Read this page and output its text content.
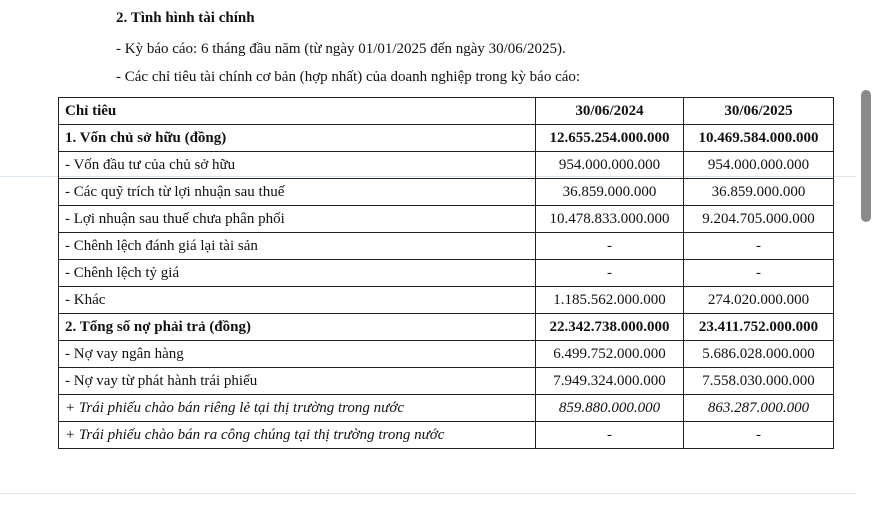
2. Tình hình tài chính
- Kỳ báo cáo: 6 tháng đầu năm (từ ngày 01/01/2025 đến ngày 30/06/2025).
- Các chỉ tiêu tài chính cơ bản (hợp nhất) của doanh nghiệp trong kỳ báo cáo:
Chỉ tiêu	30/06/2024	30/06/2025
1. Vốn chủ sở hữu (đồng)	12.655.254.000.000	10.469.584.000.000
- Vốn đầu tư của chủ sở hữu	954.000.000.000	954.000.000.000
- Các quỹ trích từ lợi nhuận sau thuế	36.859.000.000	36.859.000.000
- Lợi nhuận sau thuế chưa phân phối	10.478.833.000.000	9.204.705.000.000
- Chênh lệch đánh giá lại tài sản	-	-
- Chênh lệch tỷ giá	-	-
- Khác	1.185.562.000.000	274.020.000.000
2. Tổng số nợ phải trả (đồng)	22.342.738.000.000	23.411.752.000.000
- Nợ vay ngân hàng	6.499.752.000.000	5.686.028.000.000
- Nợ vay từ phát hành trái phiếu	7.949.324.000.000	7.558.030.000.000
+ Trái phiếu chào bán riêng lẻ tại thị trường trong nước	859.880.000.000	863.287.000.000
+ Trái phiếu chào bán ra công chúng tại thị trường trong nước	-	-
